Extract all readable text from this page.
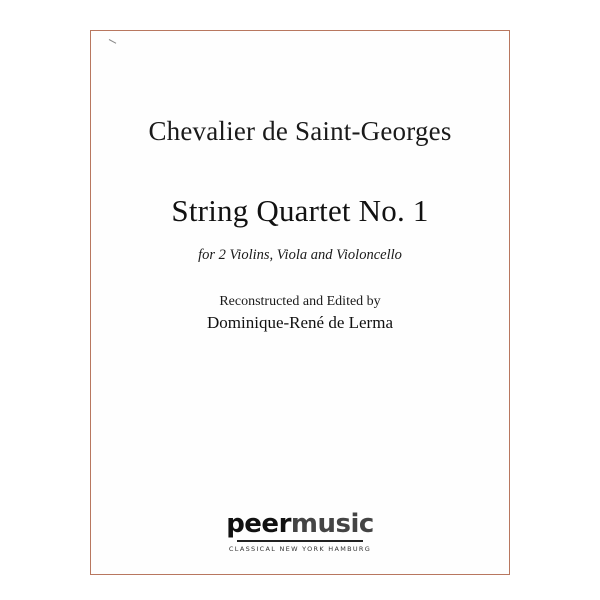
Chevalier de Saint-Georges
String Quartet No. 1
for 2 Violins, Viola and Violoncello
Reconstructed and Edited by
Dominique-René de Lerma
peermusic
CLASSICAL NEW YORK HAMBURG
